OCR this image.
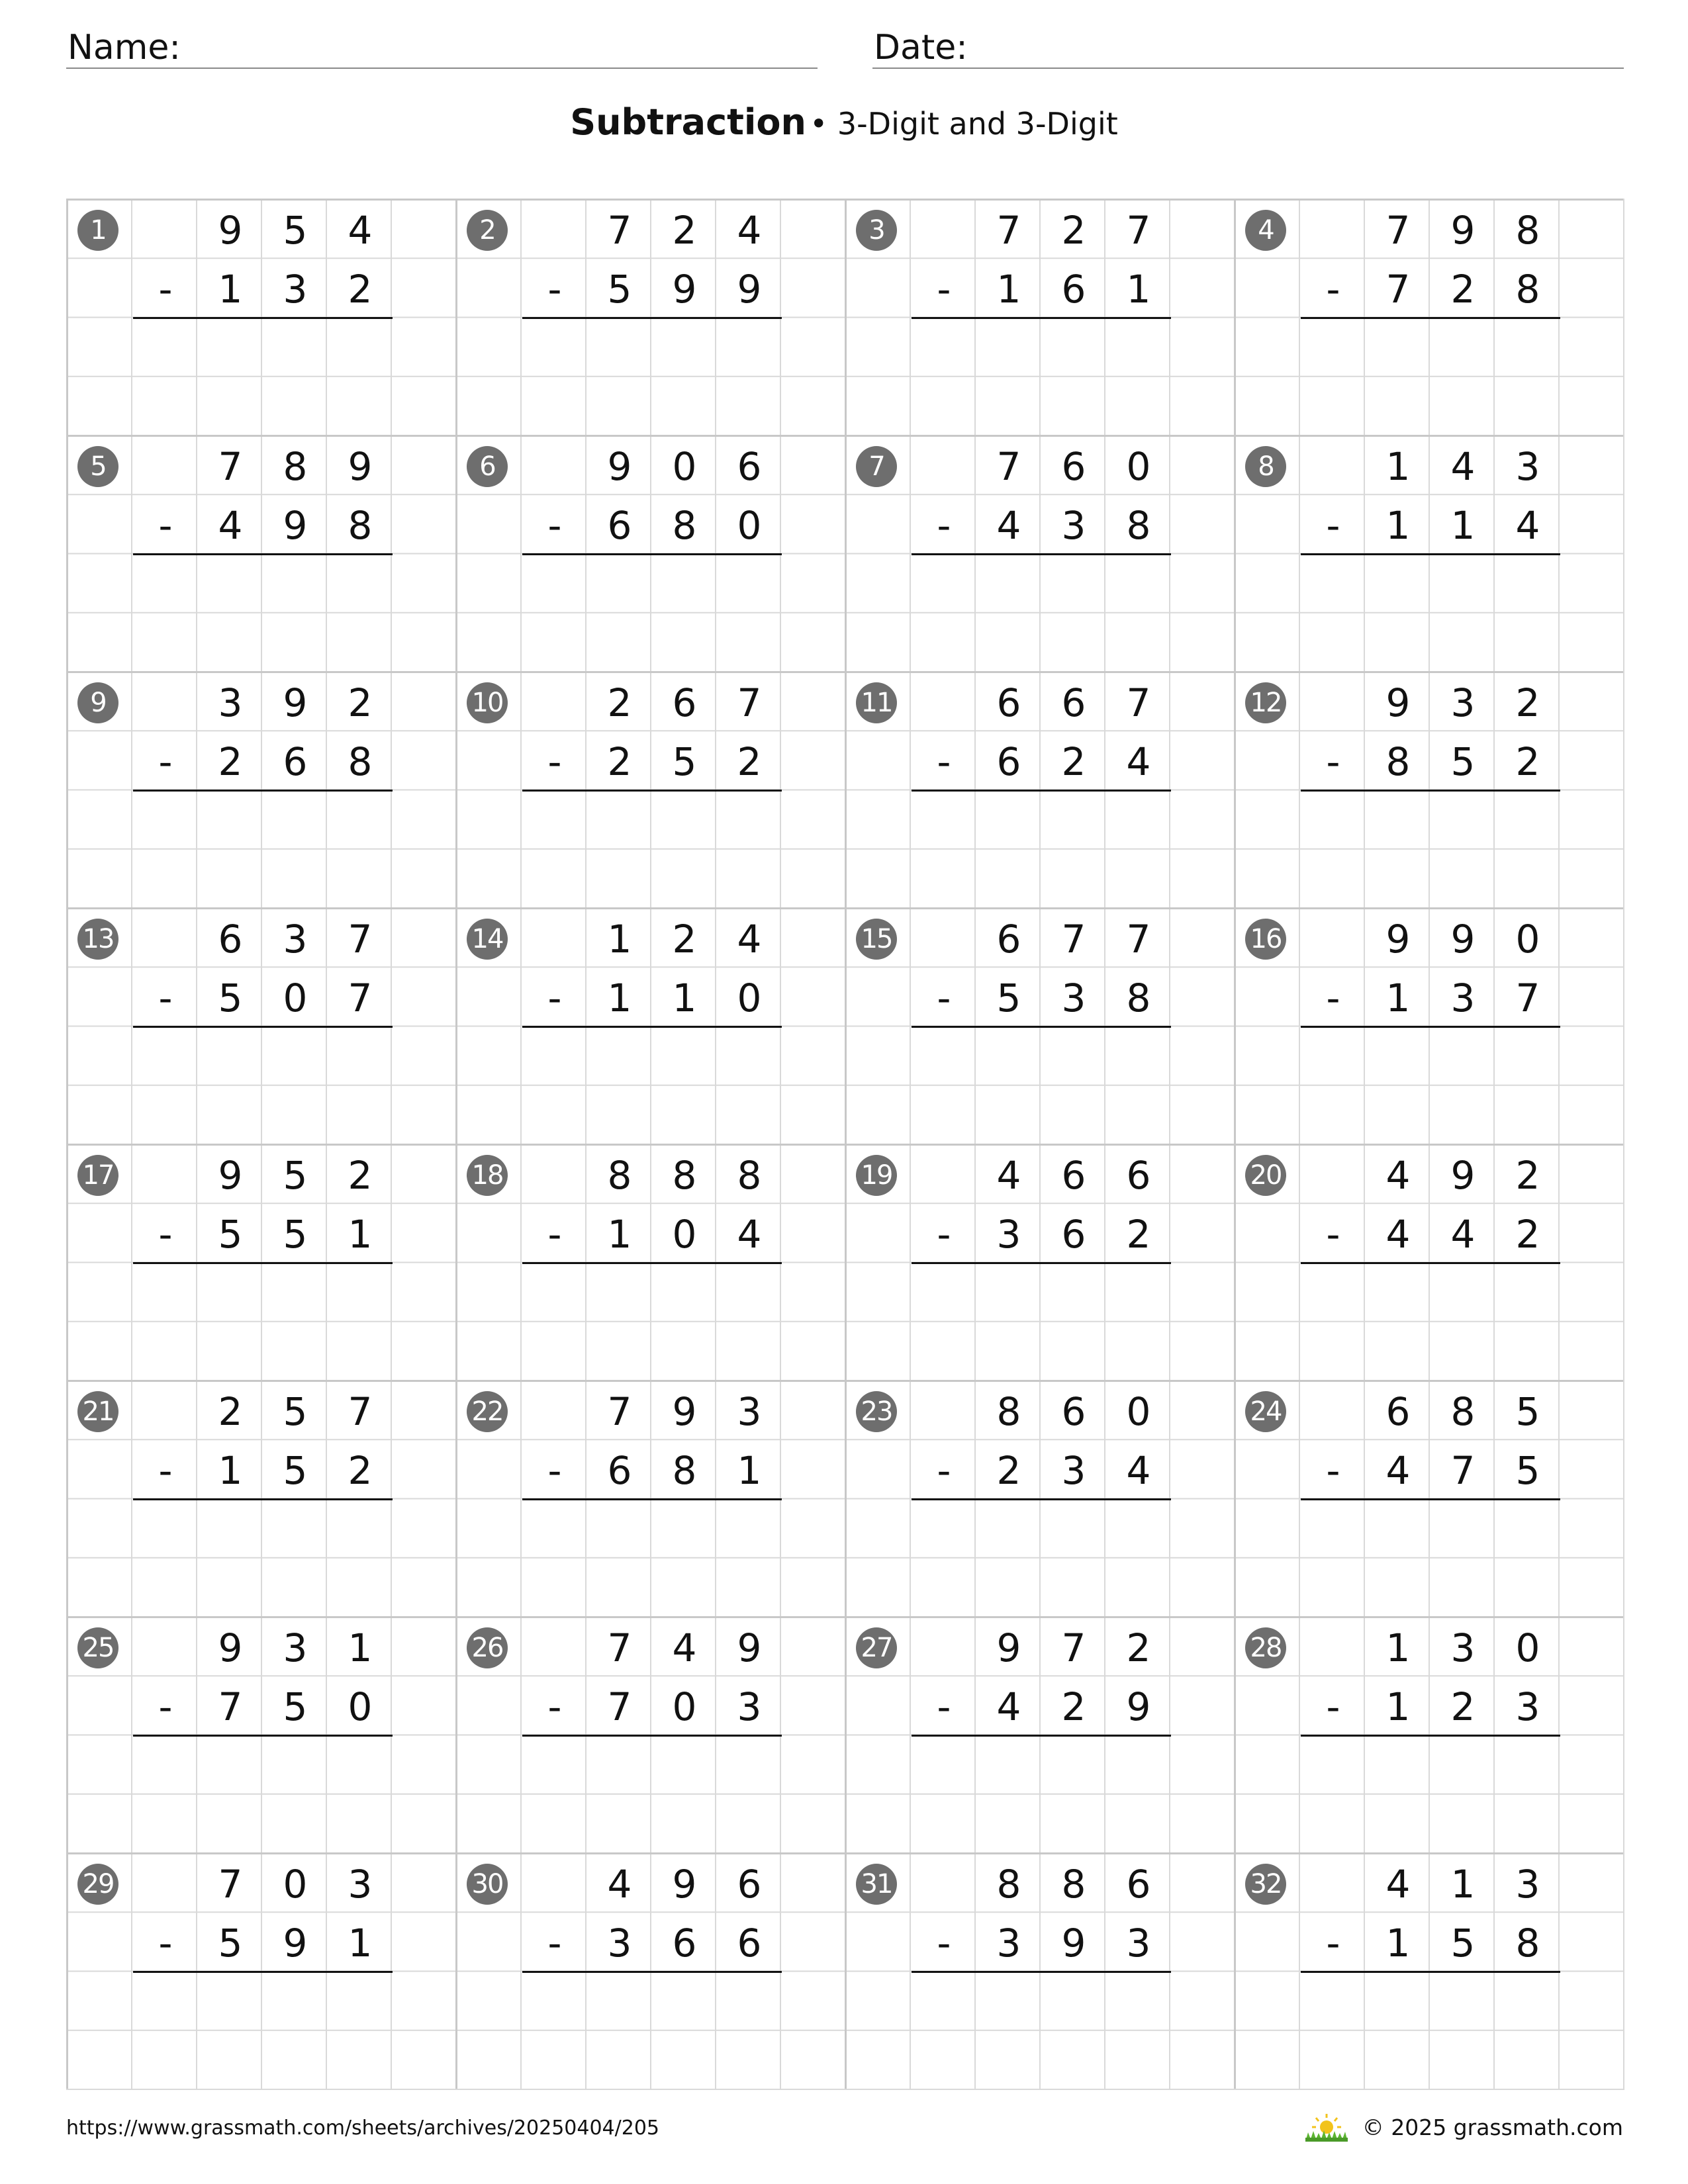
Name:	Date:
Subtraction • 3-Digit and 3-Digit
1	9	5	4
-	1	3	2
2	7	2	4
-	5	9	9
3	7	2	7
-	1	6	1
4	7	9	8
-	7	2	8
5	7	8	9
-	4	9	8
6	9	0	6
-	6	8	0
7	7	6	0
-	4	3	8
8	1	4	3
-	1	1	4
9	3	9	2
-	2	6	8
10	2	6	7
-	2	5	2
11	6	6	7
-	6	2	4
12	9	3	2
-	8	5	2
13	6	3	7
-	5	0	7
14	1	2	4
-	1	1	0
15	6	7	7
-	5	3	8
16	9	9	0
-	1	3	7
17	9	5	2
-	5	5	1
18	8	8	8
-	1	0	4
19	4	6	6
-	3	6	2
20	4	9	2
-	4	4	2
21	2	5	7
-	1	5	2
22	7	9	3
-	6	8	1
23	8	6	0
-	2	3	4
24	6	8	5
-	4	7	5
25	9	3	1
-	7	5	0
26	7	4	9
-	7	0	3
27	9	7	2
-	4	2	9
28	1	3	0
-	1	2	3
29	7	0	3
-	5	9	1
30	4	9	6
-	3	6	6
31	8	8	6
-	3	9	3
32	4	1	3
-	1	5	8
https://www.grassmath.com/sheets/archives/20250404/205	© 2025 grassmath.com
